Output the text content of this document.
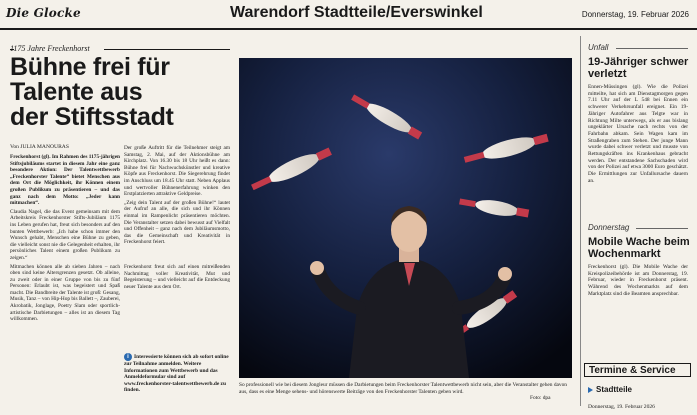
Die Glocke	Warendorf Stadtteile/Everswinkel	Donnerstag, 19. Februar 2026
1175 Jahre Freckenhorst
Bühne frei für
Talente aus
der Stiftsstadt
Von JULIA MANOURAS

Freckenhorst (gl). Im Rahmen des 1175-jährigen Stiftsjubiläums startet in diesem Jahr eine ganz besondere Aktion: Der Talentwettbewerb „Freckenhorster Talente“ bietet Menschen aus dem Ort die Möglichkeit, ihr Können einem großen Publikum zu präsentieren – und das ganz nach dem Motto: „Jeder kann mitmachen“.

Claudia Nagel, die das Event gemeinsam mit dem Arbeitskreis Freckenhorster Stifts-Jubiläum 1175 ins Leben gerufen hat, freut sich besonders auf den bunten Wettbewerb: „Ich habe schon immer den Wunsch gehabt, Menschen eine Bühne zu geben, die vielleicht sonst nie die Gelegenheit erhalten, ihr persönliches Talent einem großen Publikum zu zeigen.“

Mitmachen können alle ab sieben Jahren – nach oben sind keine Altersgrenzen gesetzt. Ob alleine, zu zweit oder in einer Gruppe von bis zu fünf Personen: Erlaubt ist, was begeistert und Spaß macht. Die Bandbreite der Talente ist groß: Gesang, Musik, Tanz – von Hip-Hop bis Ballett –, Zauberei, Akrobatik, Jonglage, Poetry Slam oder sportlich-artistische Darbietungen – alles ist an diesem Tag willkommen.

Der große Auftritt für die Teilnehmer steigt am Samstag, 2. Mai, auf der Aktionsbühne am Kirchplatz. Von 16.30 bis 18 Uhr heißt es dann: Bühne frei für Nachwuchskünstler und kreative Köpfe aus Freckenhorst. Die Siegerehrung findet im Anschluss um 18.45 Uhr statt. Neben Applaus und wertvoller Bühnenerfahrung winken den Erstplatzierten attraktive Geldpreise.

„Zeig dein Talent auf der großen Bühne!“ lautet der Aufruf an alle, die sich und ihr Können einmal im Rampenlicht präsentieren möchten. Die Veranstalter setzen dabei bewusst auf Vielfalt und Offenheit – ganz nach dem Jubiläumsmotto, das die Gemeinschaft und Kreativität in Freckenhorst feiert.

Freckenhorst freut sich auf einen mitreißenden Nachmittag voller Kreativität, Mut und Begeisterung – und vielleicht auf die Entdeckung neuer Talente aus dem Ort.

i Interessierte können sich ab sofort online zur Teilnahme anmelden. Weitere Informationen zum Wettbewerb und das Anmeldeformular sind auf www.freckenhorster-talentwettbewerb.de zu finden.
So professionell wie bei diesem Jongleur müssen die Darbietungen beim Freckenhorster Talentwettbewerb nicht sein, aber die Veranstalter gehen davon aus, dass es eine Menge sehens- und hörenswerte Beiträge von den Freckenhorster Talenten geben wird.
Foto: dpa
Unfall
19-Jähriger schwer verletzt

Ennen-Müssingen (gl). Wie die Polizei mitteilte, hat sich am Dienstagmorgen gegen 7.11 Uhr auf der L 548 bei Ennen ein schwerer Verkehrsunfall ereignet. Ein 19-Jähriger Autofahrer aus Telgte war in Richtung Milte unterwegs, als er aus bislang ungeklärter Ursache nach rechts von der Fahrbahn abkam. Sein Wagen kam im Straßengraben zum Stehen. Der junge Mann wurde dabei schwer verletzt und musste von Rettungskräften ins Krankenhaus gebracht werden. Der entstandene Sachschaden wird von der Polizei auf etwa 3000 Euro geschätzt. Die Ermittlungen zur Unfallursache dauern an.

Donnerstag
Mobile Wache beim Wochenmarkt

Freckenhorst (gl). Die Mobile Wache der Kreispolizeibehörde ist am Donnerstag, 19. Februar, wieder in Freckenhorst präsent. Während des Wochenmarkts auf dem Marktplatz sind die Beamten ansprechbar.

Termine & Service
Stadtteile
Donnerstag, 19. Februar 2026
